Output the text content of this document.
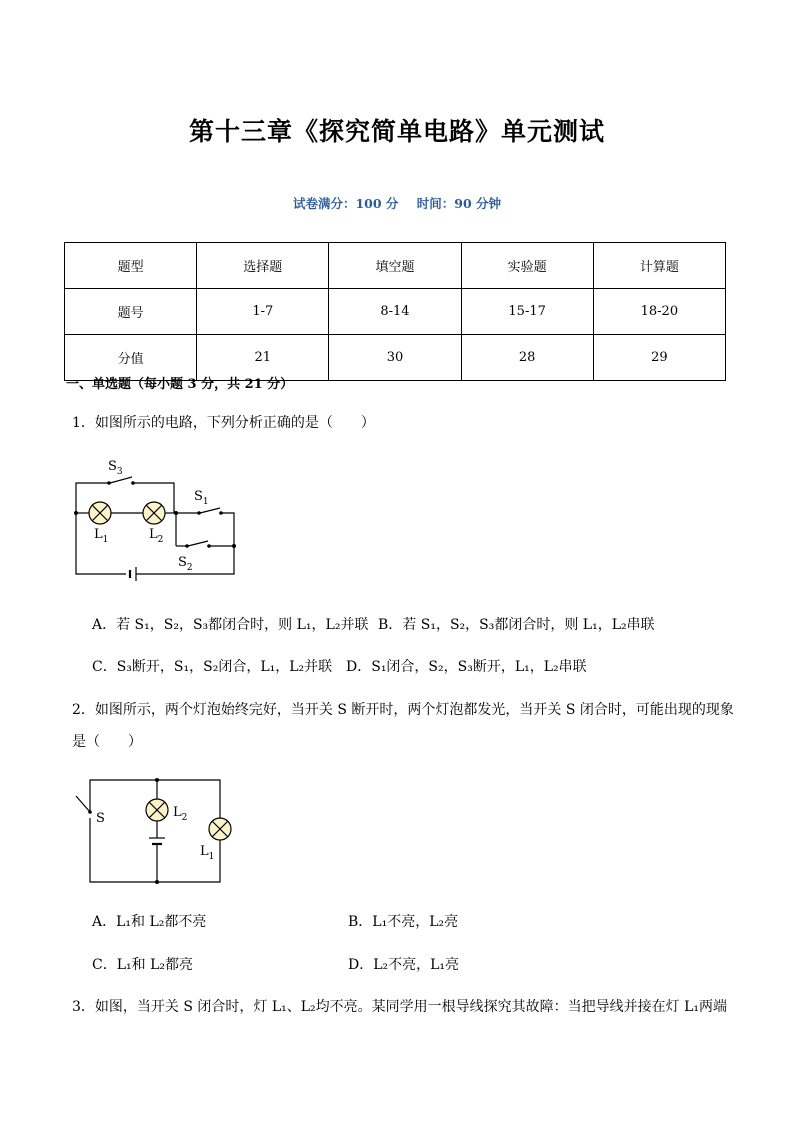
第十三章《探究简单电路》单元测试
试卷满分：100 分 时间：90 分钟
题型	选择题	填空题	实验题	计算题
题号	1-7	8-14	15-17	18-20
分值	21	30	28	29
一、单选题（每小题 3 分，共 21 分）
1．如图所示的电路，下列分析正确的是（　　）
$S_3$
$S_1$
$S_2$
$L_1$	$L_2$
A．若 S₁，S₂，S₃都闭合时，则 L₁，L₂并联 B．若 S₁，S₂，S₃都闭合时，则 L₁，L₂串联
C．S₃断开，S₁，S₂闭合，L₁，L₂并联 D．S₁闭合，S₂，S₃断开，L₁，L₂串联
2．如图所示，两个灯泡始终完好，当开关 S 断开时，两个灯泡都发光，当开关 S 闭合时，可能出现的现象
是（　　）
S	$L_2$
$L_1$
A．L₁和 L₂都不亮	B．L₁不亮，L₂亮
C．L₁和 L₂都亮	D．L₂不亮，L₁亮
3．如图，当开关 S 闭合时，灯 L₁、L₂均不亮。某同学用一根导线探究其故障：当把导线并接在灯 L₁两端
